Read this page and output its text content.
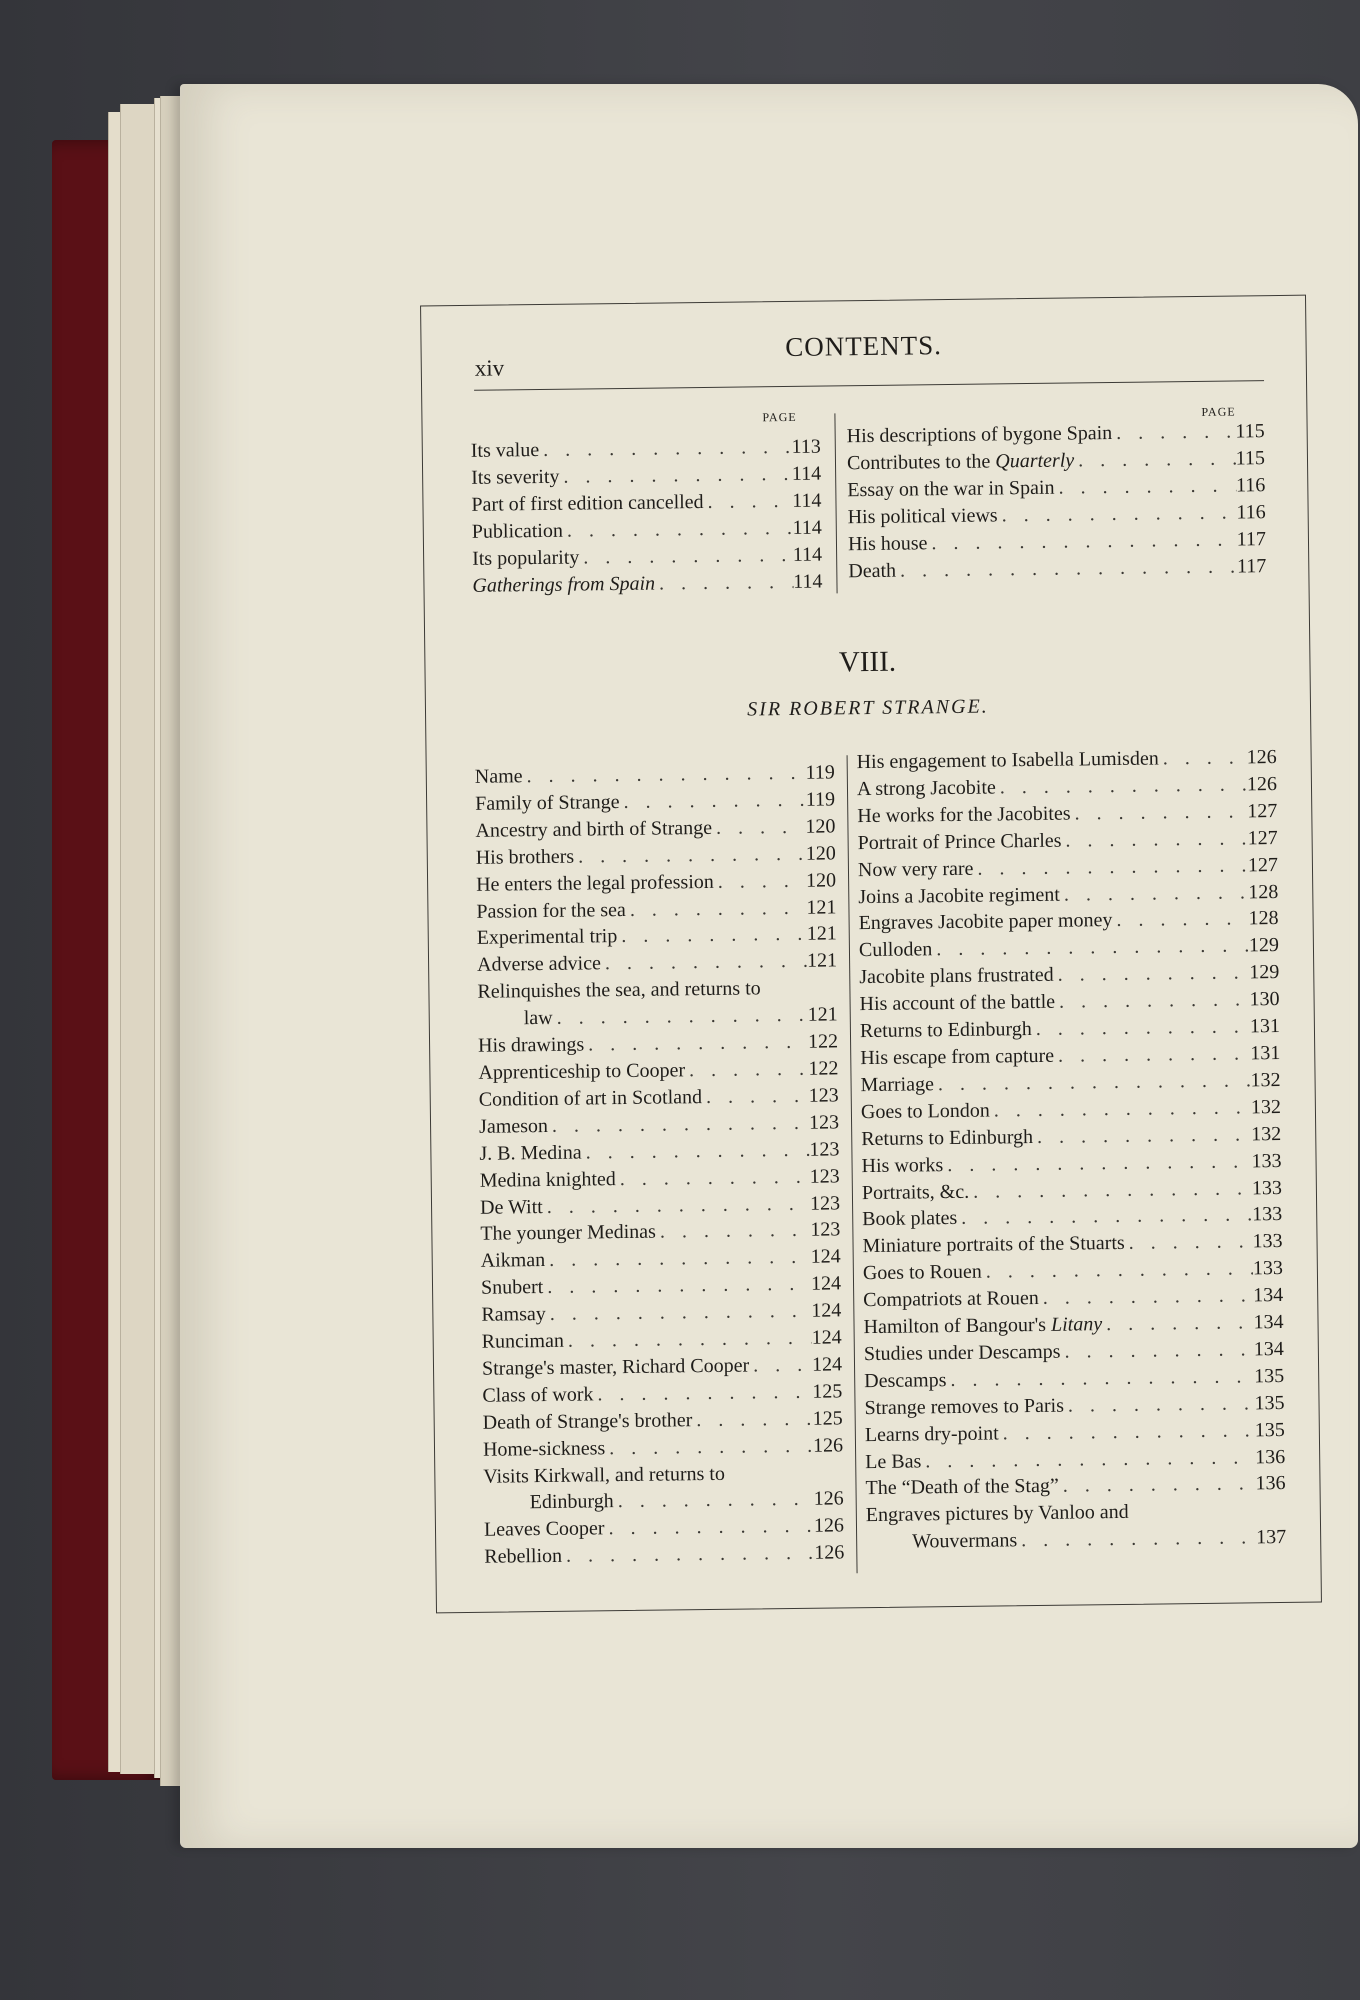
xiv
CONTENTS.
PAGE	PAGE
Its value . . .	113
Its severity . . .	114
Part of first edition cancelled . . .	114
Publication . . .	114
Its popularity . . .	114
Gatherings from Spain . . .	114
His descriptions of bygone Spain . . .	115
Contributes to the Quarterly . . .	115
Essay on the war in Spain . . .	116
His political views . . .	116
His house . . .	117
Death . . .	117
VIII.
SIR ROBERT STRANGE.
Name . . .	119
Family of Strange . . .	119
Ancestry and birth of Strange . . .	120
His brothers . . .	120
He enters the legal profession . . .	120
Passion for the sea . . .	121
Experimental trip . . .	121
Adverse advice . . .	121
Relinquishes the sea, and returns to
law . . .	121
His drawings . . .	122
Apprenticeship to Cooper . . .	122
Condition of art in Scotland . . .	123
Jameson . . .	123
J. B. Medina . . .	123
Medina knighted . . .	123
De Witt . . .	123
The younger Medinas . . .	123
Aikman . . .	124
Snubert . . .	124
Ramsay . . .	124
Runciman . . .	124
Strange's master, Richard Cooper . . .	124
Class of work . . .	125
Death of Strange's brother . . .	125
Home-sickness . . .	126
Visits Kirkwall, and returns to
Edinburgh . . .	126
Leaves Cooper . . .	126
Rebellion . . .	126
His engagement to Isabella Lumisden . . .	126
A strong Jacobite . . .	126
He works for the Jacobites . . .	127
Portrait of Prince Charles . . .	127
Now very rare . . .	127
Joins a Jacobite regiment . . .	128
Engraves Jacobite paper money . . .	128
Culloden . . .	129
Jacobite plans frustrated . . .	129
His account of the battle . . .	130
Returns to Edinburgh . . .	131
His escape from capture . . .	131
Marriage . . .	132
Goes to London . . .	132
Returns to Edinburgh . . .	132
His works . . .	133
Portraits, &c. . . .	133
Book plates . . .	133
Miniature portraits of the Stuarts . . .	133
Goes to Rouen . . .	133
Compatriots at Rouen . . .	134
Hamilton of Bangour's Litany . . .	134
Studies under Descamps . . .	134
Descamps . . .	135
Strange removes to Paris . . .	135
Learns dry-point . . .	135
Le Bas . . .	136
The “Death of the Stag” . . .	136
Engraves pictures by Vanloo and
Wouvermans . . .	137
